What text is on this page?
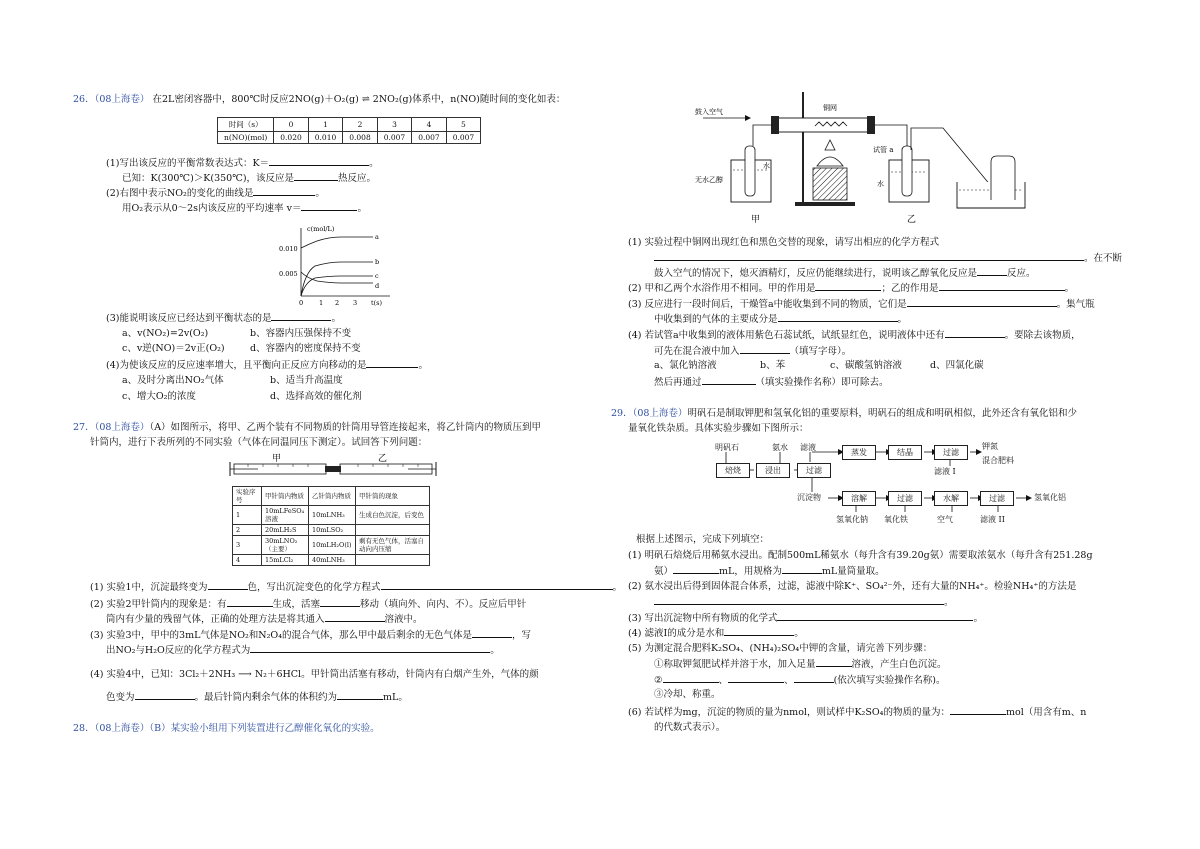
26．（08上海卷） 在2L密闭容器中，800℃时反应2NO(g)＋O₂(g) ⇌ 2NO₂(g)体系中，n(NO)随时间的变化如表：
时间（s）	0	1	2	3	4	5
n(NO)(mol)	0.020	0.010	0.008	0.007	0.007	0.007
(1)写出该反应的平衡常数表达式：K＝	。
已知：K(300℃)＞K(350℃)，该反应是	热反应。
(2)右图中表示NO₂的变化的曲线是	。
用O₂表示从0～2s内该反应的平均速率 v＝	。
c(mol/L)
0.010
0.005
0 1 2 3 t(s)
a
b
c
d
(3)能说明该反应已经达到平衡状态的是	。
a、v(NO₂)=2v(O₂)	b、容器内压强保持不变
c、v逆(NO)＝2v正(O₂)	d、容器内的密度保持不变
(4)为使该反应的反应速率增大，且平衡向正反应方向移动的是	。
a、及时分离出NO₂气体	b、适当升高温度
c、增大O₂的浓度	d、选择高效的催化剂
27．（08上海卷）（A）如图所示，将甲、乙两个装有不同物质的针筒用导管连接起来，将乙针筒内的物质压到甲
针筒内，进行下表所列的不同实验（气体在同温同压下测定）。试回答下列问题：
甲	乙
实验序号	甲针筒内物质	乙针筒内物质	甲针筒的现象
1	10mLFeSO₄溶液	10mLNH₃	生成白色沉淀，后变色
2	20mLH₂S	10mLSO₂	
3	30mLNO₂（主要）	10mLH₂O(l)	剩有无色气体，活塞自动向内压缩
4	15mLCl₂	40mLNH₃	
(1) 实验1中，沉淀最终变为	色，写出沉淀变色的化学方程式	。
(2) 实验2甲针筒内的现象是：有	生成，活塞	移动（填向外、向内、不）。反应后甲针
筒内有少量的残留气体，正确的处理方法是将其通入	溶液中。
(3) 实验3中，甲中的3mL气体是NO₂和N₂O₄的混合气体，那么甲中最后剩余的无色气体是	，写
出NO₂与H₂O反应的化学方程式为	。
(4) 实验4中，已知：3Cl₂＋2NH₃ ⟶ N₂＋6HCl。甲针筒出活塞有移动，针筒内有白烟产生外，气体的颜
色变为	。最后针筒内剩余气体的体积约为	mL。
28．（08上海卷）（B）某实验小组用下列装置进行乙醇催化氧化的实验。
鼓入空气	铜网
无水乙醇
水
试管 a
水
甲	乙
(1) 实验过程中铜网出现红色和黑色交替的现象，请写出相应的化学方程式
。在不断
鼓入空气的情况下，熄灭酒精灯，反应仍能继续进行，说明该乙醇氧化反应是	反应。
(2) 甲和乙两个水浴作用不相同。甲的作用是	；乙的作用是	。
(3) 反应进行一段时间后，干燥管a中能收集到不同的物质，它们是	。集气瓶
中收集到的气体的主要成分是	。
(4) 若试管a中收集到的液体用紫色石蕊试纸，试纸显红色，说明液体中还有	。要除去该物质，
可先在混合液中加入	（填写字母）。
a、氯化钠溶液	b、苯	c、碳酸氢钠溶液	d、四氯化碳
然后再通过	（填实验操作名称）即可除去。
29．（08上海卷）明矾石是制取钾肥和氢氧化铝的重要原料，明矾石的组成和明矾相似，此外还含有氧化铝和少
量氧化铁杂质。具体实验步骤如下图所示：
明矾石	氨水 滤液
焙烧	浸出	过滤
蒸发	结晶	过滤
滤液 I
钾氮
混合肥料
沉淀物	溶解	过滤	水解	过滤	氢氧化铝
氢氧化钠 氧化铁	空气	滤液 II
根据上述图示，完成下列填空：
(1) 明矾石焙烧后用稀氨水浸出。配制500mL稀氨水（每升含有39.20g氨）需要取浓氨水（每升含有251.28g
氨）	mL，用规格为	mL量筒量取。
(2) 氨水浸出后得到固体混合体系，过滤，滤液中除K⁺、SO₄²⁻外，还有大量的NH₄⁺。检验NH₄⁺的方法是
。
(3) 写出沉淀物中所有物质的化学式	。
(4) 滤液I的成分是水和	。
(5) 为测定混合肥料K₂SO₄、(NH₄)₂SO₄中钾的含量，请完善下列步骤：
①称取钾氮肥试样并溶于水，加入足量	溶液，产生白色沉淀。
②	、	、	(依次填写实验操作名称)。
③冷却、称重。
(6) 若试样为mg，沉淀的物质的量为nmol，则试样中K₂SO₄的物质的量为：	mol（用含有m、n
的代数式表示）。
